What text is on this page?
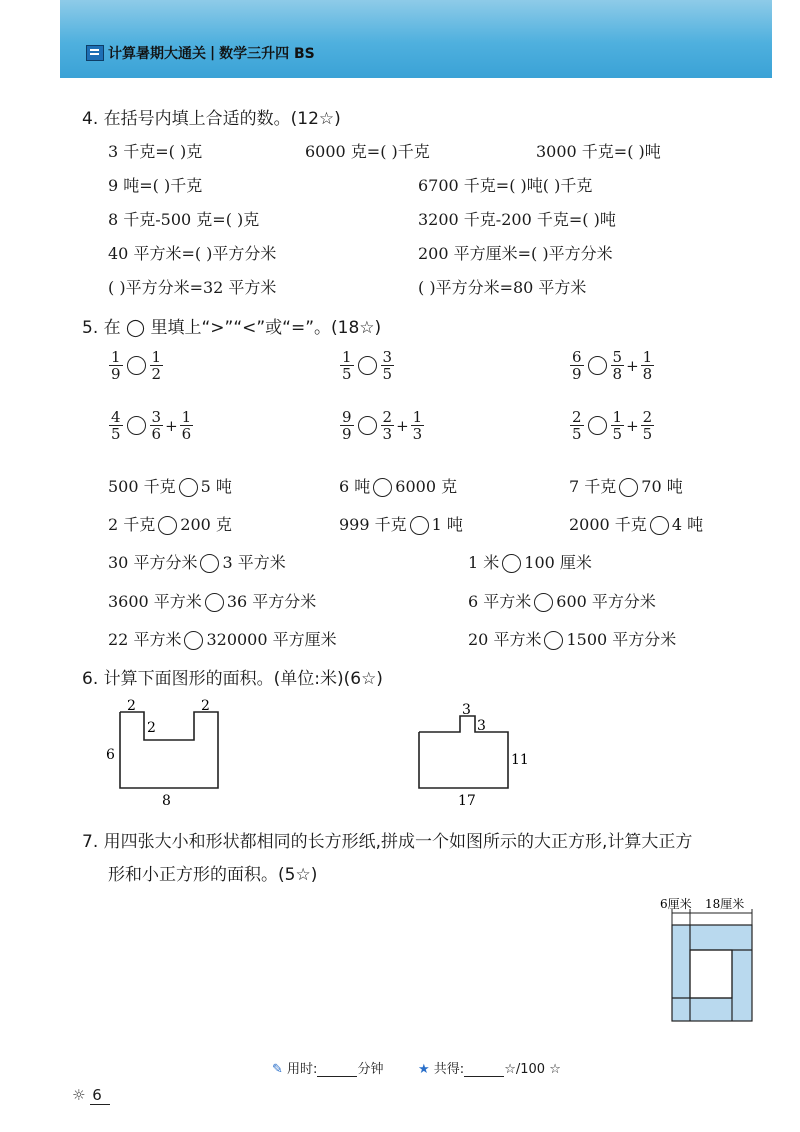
计算暑期大通关 | 数学三升四 BS
4. 在括号内填上合适的数。(12☆)
3 千克=( )克	6000 克=( )千克	3000 千克=( )吨
9 吨=( )千克	6700 千克=( )吨( )千克
8 千克-500 克=( )克	3200 千克-200 千克=( )吨
40 平方米=( )平方分米	200 平方厘米=( )平方分米
( )平方分米=32 平方米	( )平方分米=80 平方米
5. 在 ◯ 里填上“>”“<”或“=”。(18☆)
$\frac{1}{9} \frac{1}{2}$	$\frac{1}{5} \frac{3}{5}$	$\frac{6}{9} \frac{5}{8} + \frac{1}{8}$
$\frac{4}{5} \frac{3}{6} + \frac{1}{6}$	$\frac{9}{9} \frac{2}{3} + \frac{1}{3}$	$\frac{2}{5} \frac{1}{5} + \frac{2}{5}$
500 千克 5 吨	6 吨 6000 克	7 千克 70 吨
2 千克 200 克	999 千克 1 吨	2000 千克 4 吨
30 平方分米 3 平方米	1 米 100 厘米
3600 平方米 36 平方分米	6 平方米 600 平方分米
22 平方米 320000 平方厘米	20 平方米 1500 平方分米
6. 计算下面图形的面积。(单位:米)(6☆)
2	2
2
6
8
3
3
11
17
7. 用四张大小和形状都相同的长方形纸,拼成一个如图所示的大正方形,计算大正方
形和小正方形的面积。(5☆)
6厘米 18厘米
✎ 用时:	分钟	★ 共得:	☆/100 ☆
☼ 6
